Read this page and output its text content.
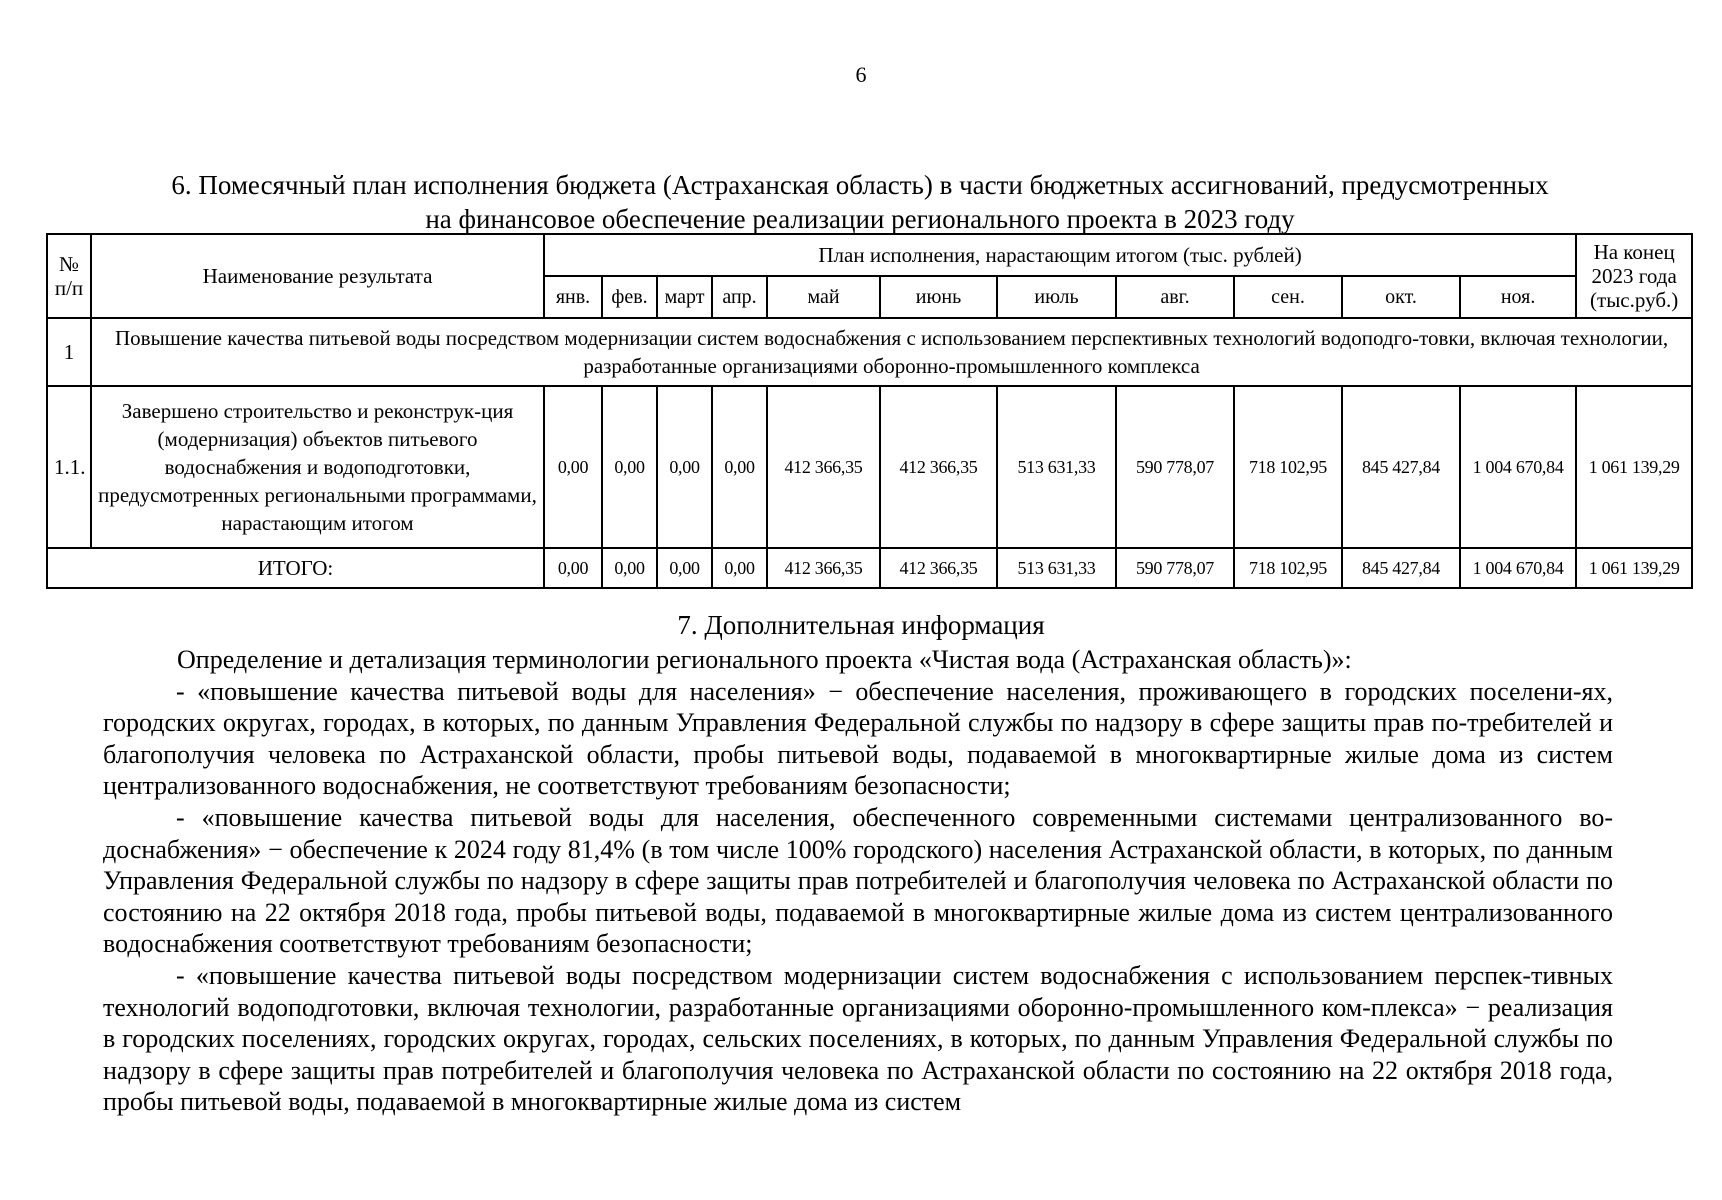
6
6. Помесячный план исполнения бюджета (Астраханская область) в части бюджетных ассигнований, предусмотренных
на финансовое обеспечение реализации регионального проекта в 2023 году
№ п/п	Наименование результата	План исполнения, нарастающим итогом (тыс. рублей)											На конец 2023 года (тыс.руб.)
		янв.	фев.	март	апр.	май	июнь	июль	авг.	сен.	окт.	ноя.	
1	Повышение качества питьевой воды посредством модернизации систем водоснабжения с использованием перспективных технологий водоподго-товки, включая технологии, разработанные организациями оборонно-промышленного комплекса												
1.1.	Завершено строительство и реконструк-ция (модернизация) объектов питьевого водоснабжения и водоподготовки, предусмотренных региональными программами, нарастающим итогом	0,00	0,00	0,00	0,00	412 366,35	412 366,35	513 631,33	590 778,07	718 102,95	845 427,84	1 004 670,84	1 061 139,29
ИТОГО:		0,00	0,00	0,00	0,00	412 366,35	412 366,35	513 631,33	590 778,07	718 102,95	845 427,84	1 004 670,84	1 061 139,29
7. Дополнительная информация

Определение и детализация терминологии регионального проекта «Чистая вода (Астраханская область)»:

- «повышение качества питьевой воды для населения» − обеспечение населения, проживающего в городских поселени-ях, городских округах, городах, в которых, по данным Управления Федеральной службы по надзору в сфере защиты прав по-требителей и благополучия человека по Астраханской области, пробы питьевой воды, подаваемой в многоквартирные жилые дома из систем централизованного водоснабжения, не соответствуют требованиям безопасности;

- «повышение качества питьевой воды для населения, обеспеченного современными системами централизованного во-доснабжения» − обеспечение к 2024 году 81,4% (в том числе 100% городского) населения Астраханской области, в которых, по данным Управления Федеральной службы по надзору в сфере защиты прав потребителей и благополучия человека по Астраханской области по состоянию на 22 октября 2018 года, пробы питьевой воды, подаваемой в многоквартирные жилые дома из систем централизованного водоснабжения соответствуют требованиям безопасности;

- «повышение качества питьевой воды посредством модернизации систем водоснабжения с использованием перспек-тивных технологий водоподготовки, включая технологии, разработанные организациями оборонно-промышленного ком-плекса» − реализация в городских поселениях, городских округах, городах, сельских поселениях, в которых, по данным Управления Федеральной службы по надзору в сфере защиты прав потребителей и благополучия человека по Астраханской области по состоянию на 22 октября 2018 года, пробы питьевой воды, подаваемой в многоквартирные жилые дома из систем
